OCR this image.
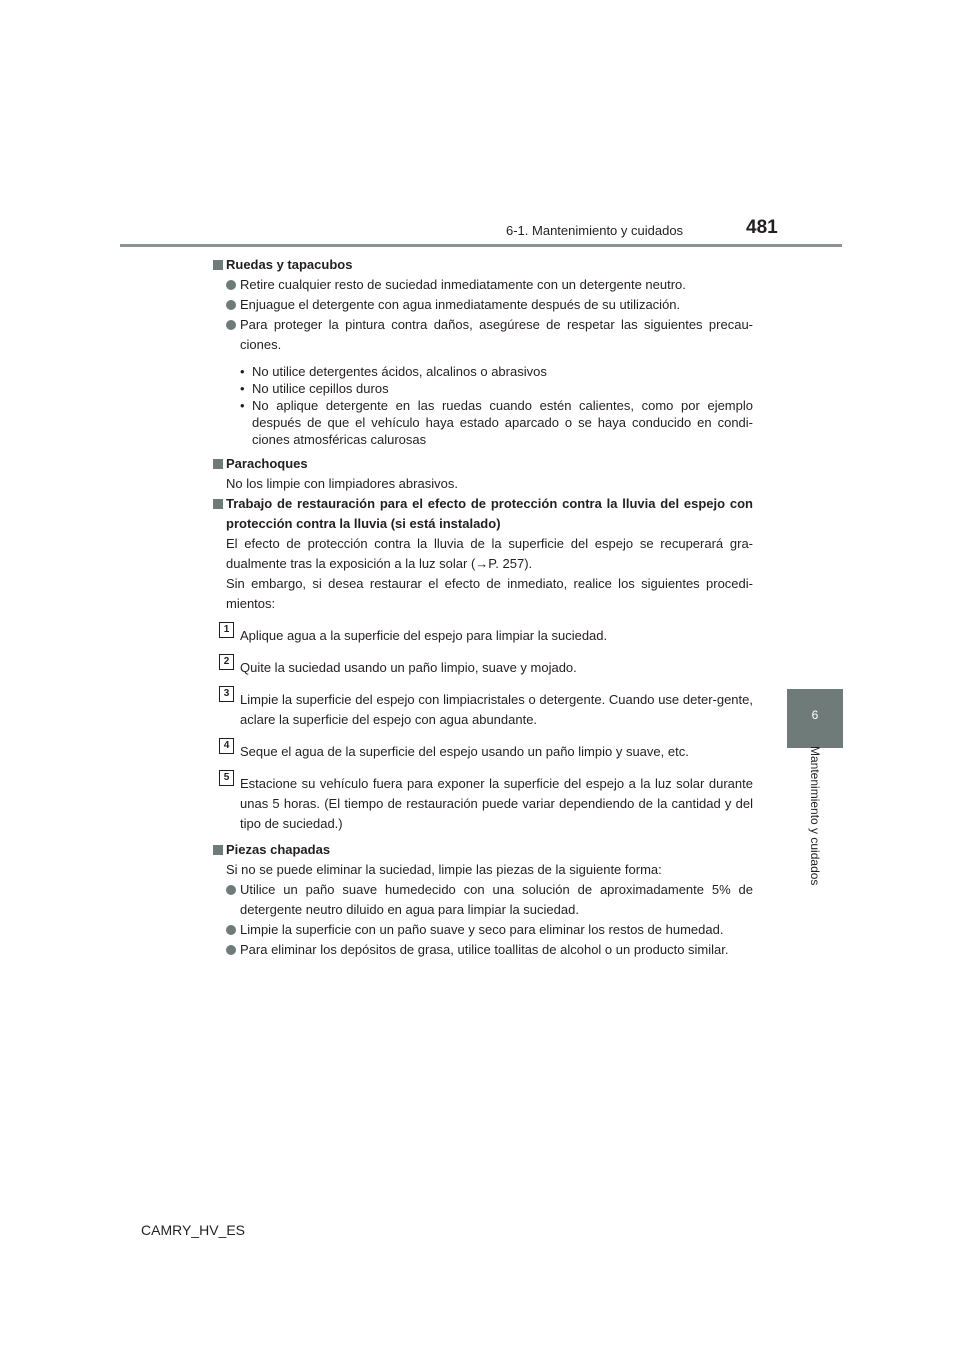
6-1. Mantenimiento y cuidados	481
6
Mantenimiento y cuidados

Ruedas y tapacubos

Retire cualquier resto de suciedad inmediatamente con un detergente neutro.

Enjuague el detergente con agua inmediatamente después de su utilización.

Para proteger la pintura contra daños, asegúrese de respetar las siguientes precau-ciones.

• No utilice detergentes ácidos, alcalinos o abrasivos

• No utilice cepillos duros

• No aplique detergente en las ruedas cuando estén calientes, como por ejemplo después de que el vehículo haya estado aparcado o se haya conducido en condi-ciones atmosféricas calurosas

Parachoques

No los limpie con limpiadores abrasivos.

Trabajo de restauración para el efecto de protección contra la lluvia del espejo con protección contra la lluvia (si está instalado)

El efecto de protección contra la lluvia de la superficie del espejo se recuperará gra-dualmente tras la exposición a la luz solar (→P. 257).

Sin embargo, si desea restaurar el efecto de inmediato, realice los siguientes procedi-mientos:

1 Aplique agua a la superficie del espejo para limpiar la suciedad.

2 Quite la suciedad usando un paño limpio, suave y mojado.

3 Limpie la superficie del espejo con limpiacristales o detergente. Cuando use deter-gente, aclare la superficie del espejo con agua abundante.

4 Seque el agua de la superficie del espejo usando un paño limpio y suave, etc.

5 Estacione su vehículo fuera para exponer la superficie del espejo a la luz solar durante unas 5 horas. (El tiempo de restauración puede variar dependiendo de la cantidad y del tipo de suciedad.)

Piezas chapadas

Si no se puede eliminar la suciedad, limpie las piezas de la siguiente forma:

Utilice un paño suave humedecido con una solución de aproximadamente 5% de detergente neutro diluido en agua para limpiar la suciedad.

Limpie la superficie con un paño suave y seco para eliminar los restos de humedad.

Para eliminar los depósitos de grasa, utilice toallitas de alcohol o un producto similar.

CAMRY_HV_ES
